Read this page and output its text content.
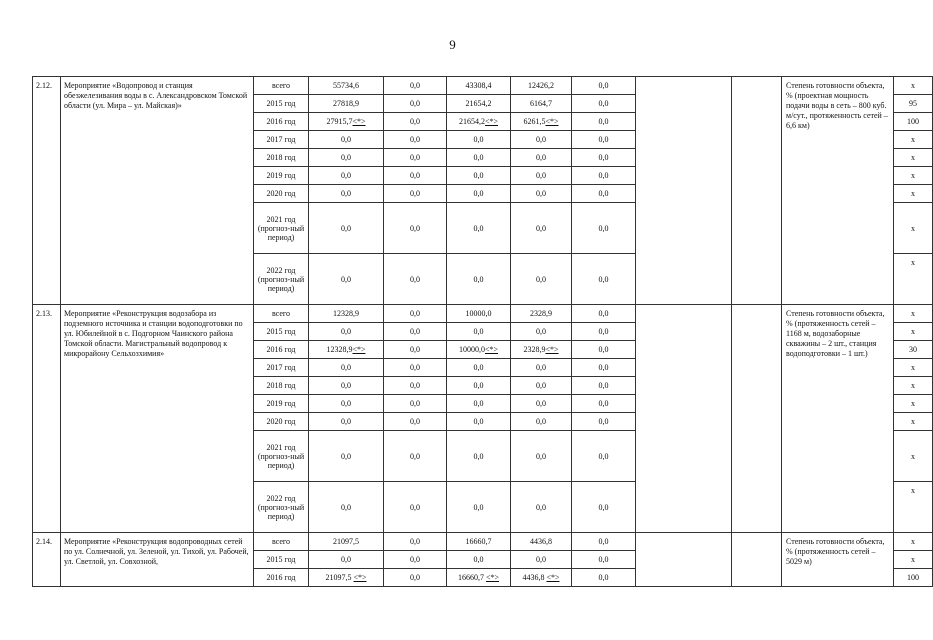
9
2.12.	Мероприятие «Водопровод и станция обезжелезивания воды в с. Александровском Томской области (ул. Мира – ул. Майская)»	всего	55734,6	0,0	43308,4	12426,2	0,0			Степень готовности объекта, % (проектная мощность подачи воды в сеть – 800 куб. м/сут., протяженность сетей – 6,6 км)	х
		2015 год	27818,9	0,0	21654,2	6164,7	0,0				95
		2016 год	27915,7<*>	0,0	21654,2<*>	6261,5<*>	0,0				100
		2017 год	0,0	0,0	0,0	0,0	0,0				х
		2018 год	0,0	0,0	0,0	0,0	0,0				х
		2019 год	0,0	0,0	0,0	0,0	0,0				х
		2020 год	0,0	0,0	0,0	0,0	0,0				х
		2021 год (прогноз-ный период)	0,0	0,0	0,0	0,0	0,0				х
		2022 год (прогноз-ный период)	0,0	0,0	0,0	0,0	0,0				х
2.13.	Мероприятие «Реконструкция водозабора из подземного источника и станции водоподготовки по ул. Юбилейной в с. Подгорном Чаинского района Томской области. Магистральный водопровод к микрорайону Сельхозхимия»	всего	12328,9	0,0	10000,0	2328,9	0,0			Степень готовности объекта, % (протяженность сетей – 1168 м, водозаборные скважины – 2 шт., станция водоподготовки – 1 шт.)	х
		2015 год	0,0	0,0	0,0	0,0	0,0				х
		2016 год	12328,9<*>	0,0	10000,0<*>	2328,9<*>	0,0				30
		2017 год	0,0	0,0	0,0	0,0	0,0				х
		2018 год	0,0	0,0	0,0	0,0	0,0				х
		2019 год	0,0	0,0	0,0	0,0	0,0				х
		2020 год	0,0	0,0	0,0	0,0	0,0				х
		2021 год (прогноз-ный период)	0,0	0,0	0,0	0,0	0,0				х
		2022 год (прогноз-ный период)	0,0	0,0	0,0	0,0	0,0				х
2.14.	Мероприятие «Реконструкция водопроводных сетей по ул. Солнечной, ул. Зеленой, ул. Тихой, ул. Рабочей, ул. Светлой, ул. Совхозной,	всего	21097,5	0,0	16660,7	4436,8	0,0			Степень готовности объекта, % (протяженность сетей – 5029 м)	х
		2015 год	0,0	0,0	0,0	0,0	0,0				х
		2016 год	21097,5 <*>	0,0	16660,7 <*>	4436,8 <*>	0,0				100
